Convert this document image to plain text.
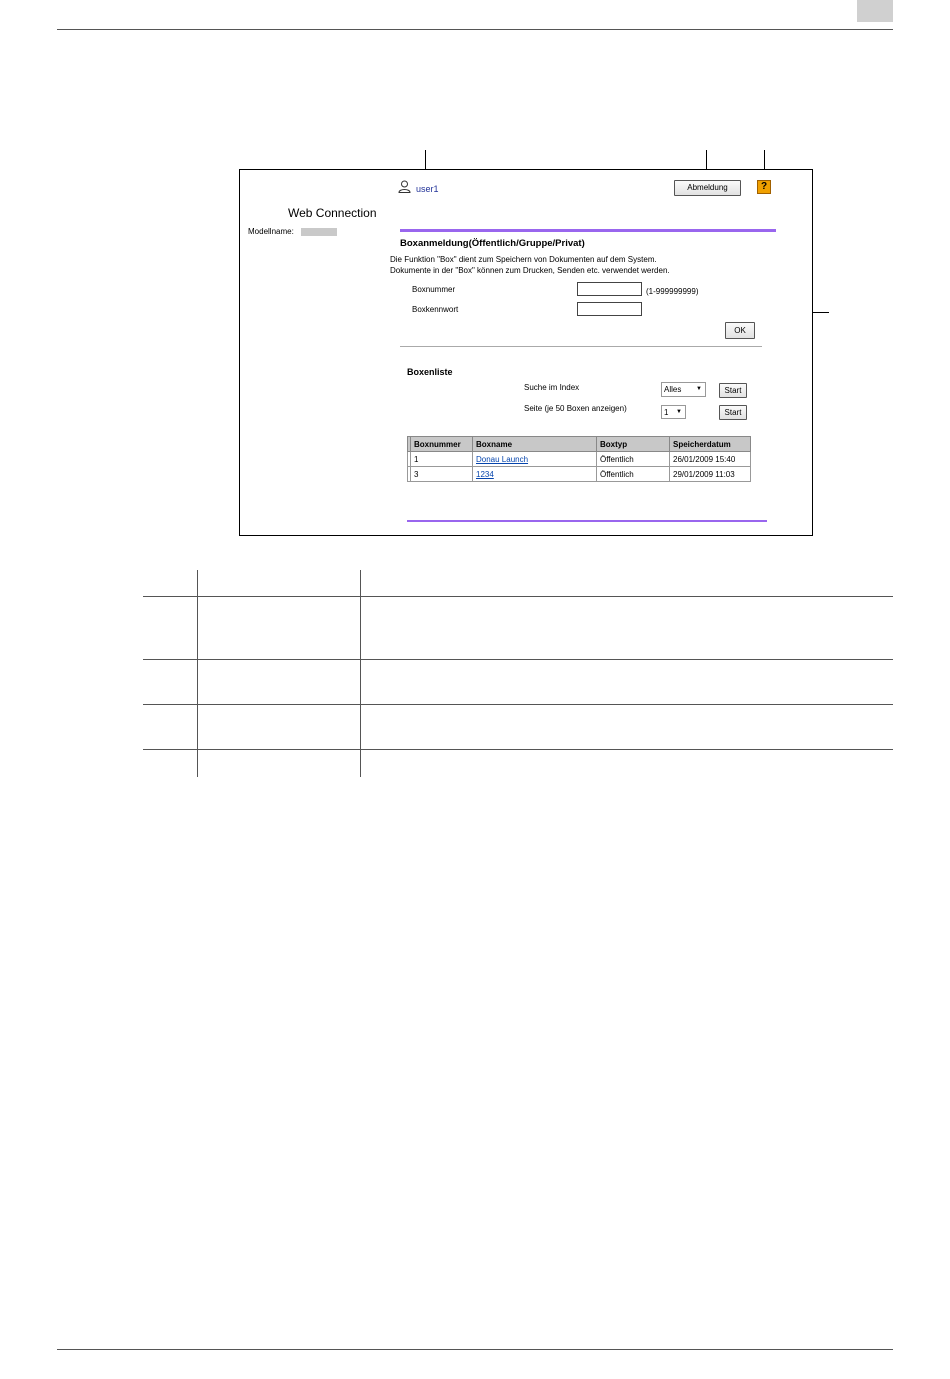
user1	Abmeldung	?
Web Connection
Modellname:
Boxanmeldung(Öffentlich/Gruppe/Privat)
Die Funktion "Box" dient zum Speichern von Dokumenten auf dem System.
Dokumente in der "Box" können zum Drucken, Senden etc. verwendet werden.
Boxnummer	(1-999999999)
Boxkennwort
OK
Boxenliste
Suche im Index	Alles ▼	Start
Seite (je 50 Boxen anzeigen)	1 ▼	Start
	Boxnummer	Boxname	Boxtyp	Speicherdatum
	1	Donau Launch	Öffentlich	26/01/2009 15:40
	3	1234	Öffentlich	29/01/2009 11:03
